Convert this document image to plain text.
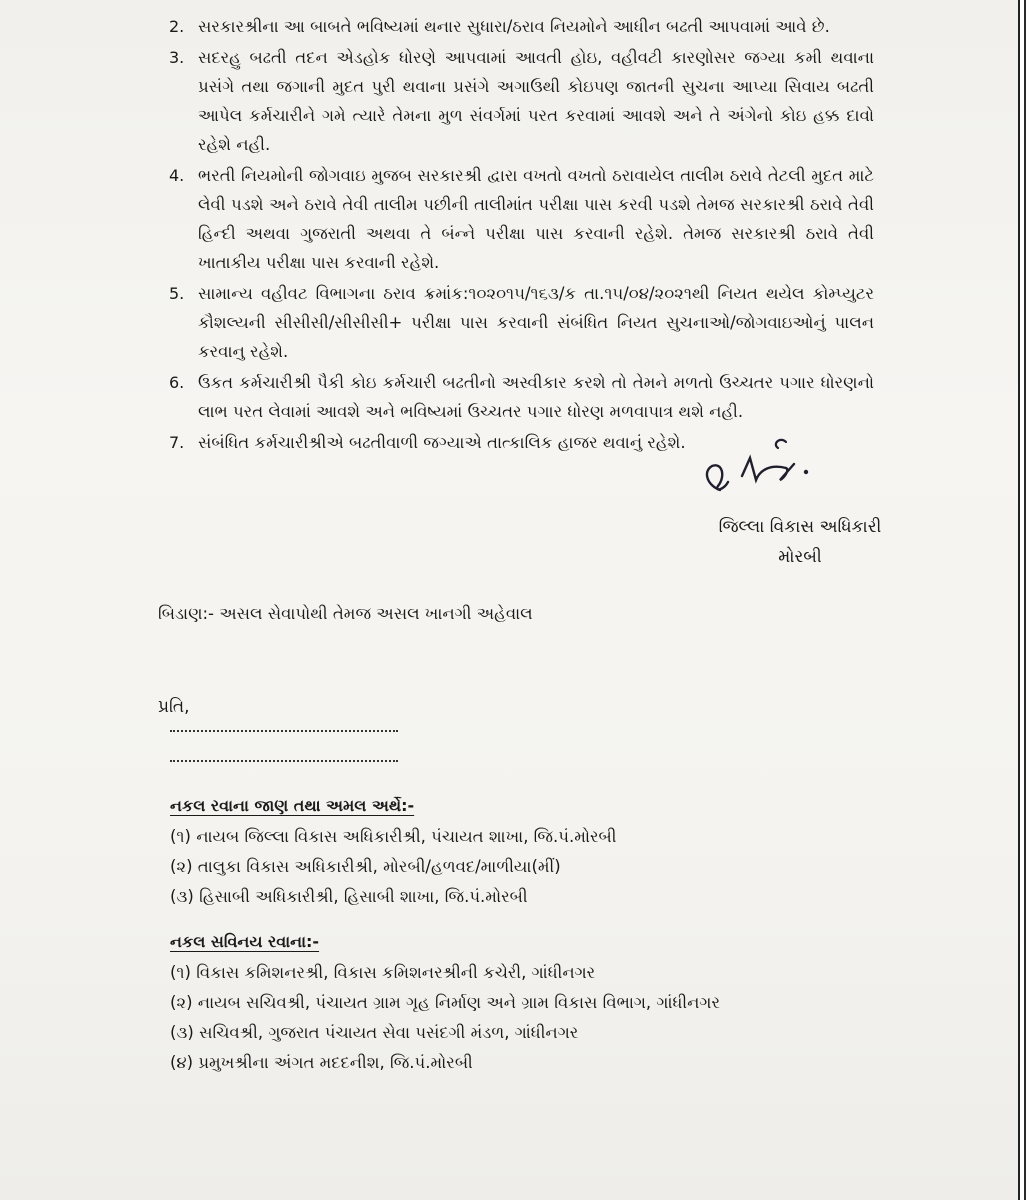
2. સરકારશ્રીના આ બાબતે ભવિષ્યમાં થનાર સુધારા/ઠરાવ નિયમોને આધીન બઢતી આપવામાં આવે છે.
3. સદરહુ બઢતી તદન એડહોક ધોરણે આપવામાં આવતી હોઇ, વહીવટી કારણોસર જગ્યા કમી થવાના પ્રસંગે તથા જગાની મુદત પુરી થવાના પ્રસંગે અગાઉથી કોઇપણ જાતની સુચના આપ્યા સિવાય બઢતી આપેલ કર્મચારીને ગમે ત્યારે તેમના મુળ સંવર્ગમાં પરત કરવામાં આવશે અને તે અંગેનો કોઇ હક્ક દાવો રહેશે નહી.
4. ભરતી નિયમોની જોગવાઇ મુજબ સરકારશ્રી દ્વારા વખતો વખતો ઠરાવાયેલ તાલીમ ઠરાવે તેટલી મુદત માટે લેવી પડશે અને ઠરાવે તેવી તાલીમ પછીની તાલીમાંત પરીક્ષા પાસ કરવી પડશે તેમજ સરકારશ્રી ઠરાવે તેવી હિન્દી અથવા ગુજરાતી અથવા તે બંન્ને પરીક્ષા પાસ કરવાની રહેશે. તેમજ સરકારશ્રી ઠરાવે તેવી ખાતાકીય પરીક્ષા પાસ કરવાની રહેશે.
5. સામાન્ય વહીવટ વિભાગના ઠરાવ ક્રમાંક:૧૦૨૦૧૫/૧૬૩/ક તા.૧૫/૦૪/૨૦૨૧થી નિયત થયેલ કોમ્પ્યુટર કૌશલ્યની સીસીસી/સીસીસી+ પરીક્ષા પાસ કરવાની સંબંધિત નિયત સુચનાઓ/જોગવાઇઓનું પાલન કરવાનુ રહેશે.
6. ઉકત કર્મચારીશ્રી પૈકી કોઇ કર્મચારી બઢતીનો અસ્વીકાર કરશે તો તેમને મળતો ઉચ્ચતર પગાર ધોરણનો લાભ પરત લેવામાં આવશે અને ભવિષ્યમાં ઉચ્ચતર પગાર ધોરણ મળવાપાત્ર થશે નહી.
7. સંબંધિત કર્મચારીશ્રીએ બઢતીવાળી જગ્યાએ તાત્કાલિક હાજર થવાનું રહેશે.
જિલ્લા વિકાસ અધિકારી
મોરબી
બિડાણ:- અસલ સેવાપોથી તેમજ અસલ ખાનગી અહેવાલ
પ્રતિ,
નકલ રવાના જાણ તથા અમલ અર્થે:-
(૧) નાયબ જિલ્લા વિકાસ અધિકારીશ્રી, પંચાયત શાખા, જિ.પં.મોરબી
(૨) તાલુકા વિકાસ અધિકારીશ્રી, મોરબી/હળવદ/માળીયા(મીં)
(૩) હિસાબી અધિકારીશ્રી, હિસાબી શાખા, જિ.પં.મોરબી
નકલ સવિનય રવાના:-
(૧) વિકાસ કમિશનરશ્રી, વિકાસ કમિશનરશ્રીની કચેરી, ગાંધીનગર
(૨) નાયબ સચિવશ્રી, પંચાયત ગ્રામ ગૃહ નિર્માણ અને ગ્રામ વિકાસ વિભાગ, ગાંધીનગર
(૩) સચિવશ્રી, ગુજરાત પંચાયત સેવા પસંદગી મંડળ, ગાંધીનગર
(૪) પ્રમુખશ્રીના અંગત મદદનીશ, જિ.પં.મોરબી
